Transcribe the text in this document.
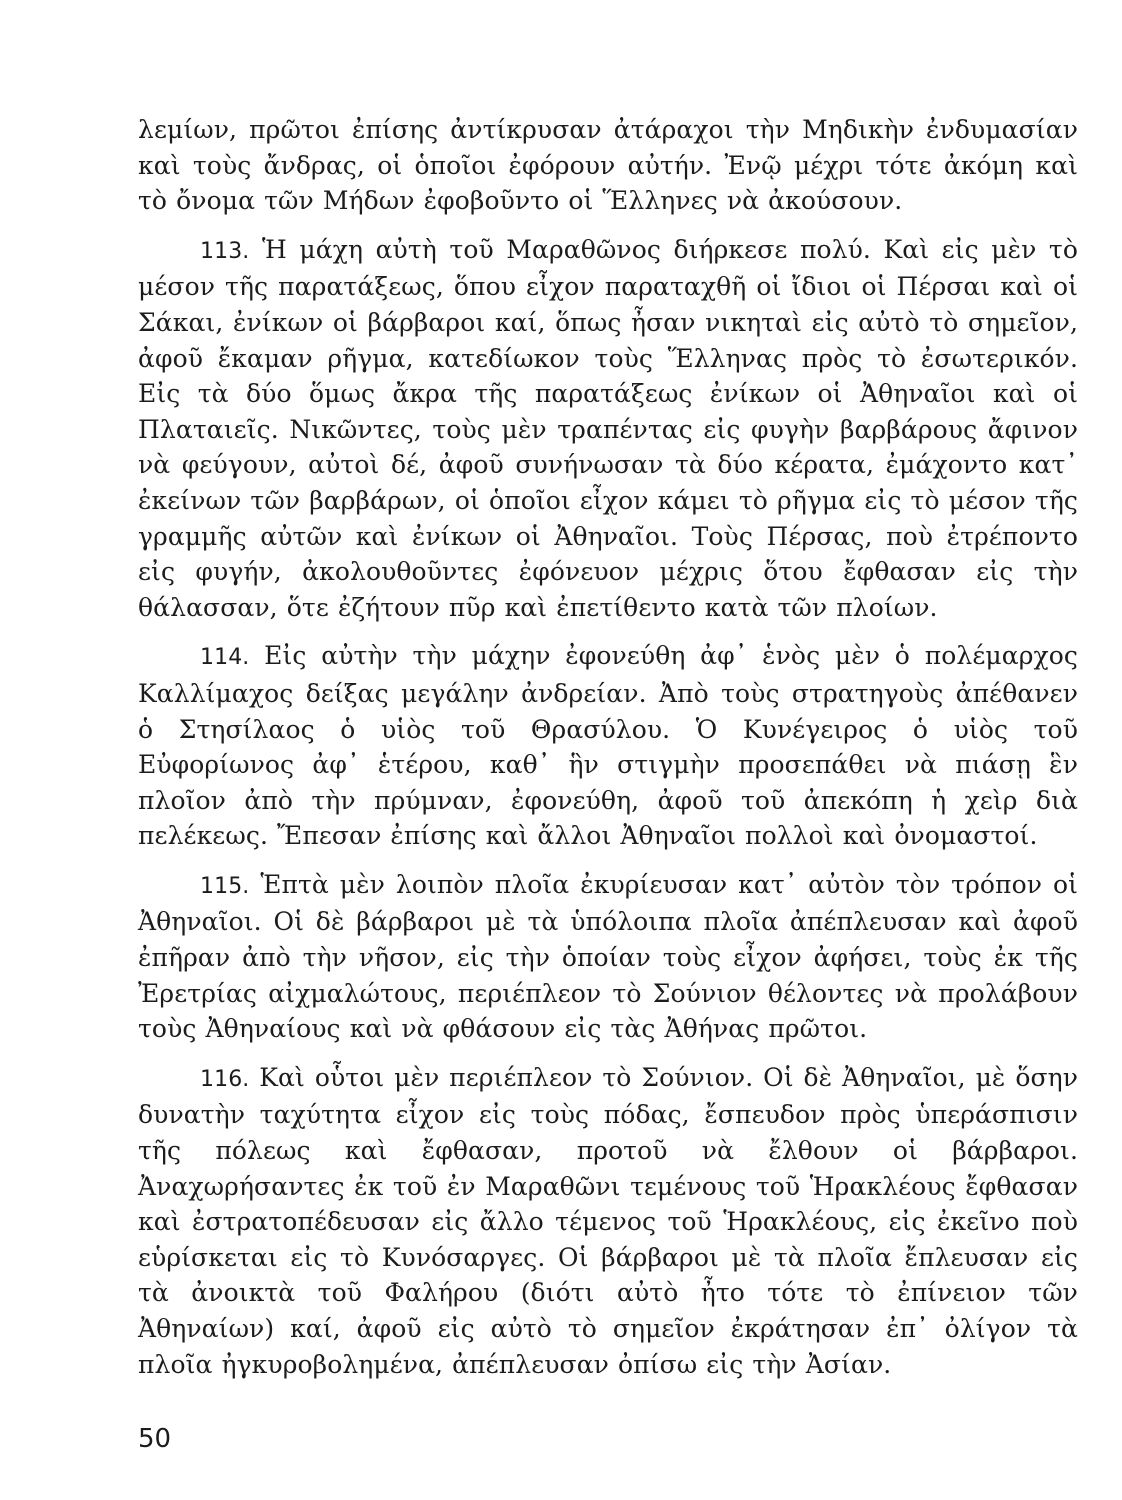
λεμίων, πρῶτοι ἐπίσης ἀντίκρυσαν ἀτάραχοι τὴν Μηδικὴν ἐνδυμασίαν καὶ τοὺς ἄνδρας, οἱ ὁποῖοι ἐφόρουν αὐτήν. Ἐνῷ μέχρι τότε ἀκόμη καὶ τὸ ὄνομα τῶν Μήδων ἐφοβοῦντο οἱ Ἕλληνες νὰ ἀκούσουν.

113. Ἡ μάχη αὐτὴ τοῦ Μαραθῶνος διήρκεσε πολύ. Καὶ εἰς μὲν τὸ μέσον τῆς παρατάξεως, ὅπου εἶχον παραταχθῆ οἱ ἴδιοι οἱ Πέρσαι καὶ οἱ Σάκαι, ἐνίκων οἱ βάρβαροι καί, ὅπως ἦσαν νικηταὶ εἰς αὐτὸ τὸ σημεῖον, ἀφοῦ ἔκαμαν ρῆγμα, κατεδίωκον τοὺς Ἕλληνας πρὸς τὸ ἐσωτερικόν. Εἰς τὰ δύο ὅμως ἄκρα τῆς παρατάξεως ἐνίκων οἱ Ἀθηναῖοι καὶ οἱ Πλαταιεῖς. Νικῶντες, τοὺς μὲν τραπέντας εἰς φυγὴν βαρβάρους ἄφινον νὰ φεύγουν, αὐτοὶ δέ, ἀφοῦ συνήνωσαν τὰ δύο κέρατα, ἐμάχοντο κατ᾽ ἐκείνων τῶν βαρβάρων, οἱ ὁποῖοι εἶχον κάμει τὸ ρῆγμα εἰς τὸ μέσον τῆς γραμμῆς αὐτῶν καὶ ἐνίκων οἱ Ἀθηναῖοι. Τοὺς Πέρσας, ποὺ ἐτρέποντο εἰς φυγήν, ἀκολουθοῦντες ἐφόνευον μέχρις ὅτου ἔφθασαν εἰς τὴν θάλασσαν, ὅτε ἐζήτουν πῦρ καὶ ἐπετίθεντο κατὰ τῶν πλοίων.

114. Εἰς αὐτὴν τὴν μάχην ἐφονεύθη ἀφ᾽ ἑνὸς μὲν ὁ πολέμαρχος Καλλίμαχος δείξας μεγάλην ἀνδρείαν. Ἀπὸ τοὺς στρατηγοὺς ἀπέθανεν ὁ Στησίλαος ὁ υἱὸς τοῦ Θρασύλου. Ὁ Κυνέγειρος ὁ υἱὸς τοῦ Εὐφορίωνος ἀφ᾽ ἑτέρου, καθ᾽ ἣν στιγμὴν προσεπάθει νὰ πιάσῃ ἓν πλοῖον ἀπὸ τὴν πρύμναν, ἐφονεύθη, ἀφοῦ τοῦ ἀπεκόπη ἡ χεὶρ διὰ πελέκεως. Ἔπεσαν ἐπίσης καὶ ἄλλοι Ἀθηναῖοι πολλοὶ καὶ ὀνομαστοί.

115. Ἑπτὰ μὲν λοιπὸν πλοῖα ἐκυρίευσαν κατ᾽ αὐτὸν τὸν τρόπον οἱ Ἀθηναῖοι. Οἱ δὲ βάρβαροι μὲ τὰ ὑπόλοιπα πλοῖα ἀπέπλευσαν καὶ ἀφοῦ ἐπῆραν ἀπὸ τὴν νῆσον, εἰς τὴν ὁποίαν τοὺς εἶχον ἀφήσει, τοὺς ἐκ τῆς Ἐρετρίας αἰχμαλώτους, περιέπλεον τὸ Σούνιον θέλοντες νὰ προλάβουν τοὺς Ἀθηναίους καὶ νὰ φθάσουν εἰς τὰς Ἀθήνας πρῶτοι.

116. Καὶ οὗτοι μὲν περιέπλεον τὸ Σούνιον. Οἱ δὲ Ἀθηναῖοι, μὲ ὅσην δυνατὴν ταχύτητα εἶχον εἰς τοὺς πόδας, ἔσπευδον πρὸς ὑπεράσπισιν τῆς πόλεως καὶ ἔφθασαν, προτοῦ νὰ ἔλθουν οἱ βάρβαροι. Ἀναχωρήσαντες ἐκ τοῦ ἐν Μαραθῶνι τεμένους τοῦ Ἡρακλέους ἔφθασαν καὶ ἐστρατοπέδευσαν εἰς ἄλλο τέμενος τοῦ Ἡρακλέους, εἰς ἐκεῖνο ποὺ εὑρίσκεται εἰς τὸ Κυνόσαργες. Οἱ βάρβαροι μὲ τὰ πλοῖα ἔπλευσαν εἰς τὰ ἀνοικτὰ τοῦ Φαλήρου (διότι αὐτὸ ἦτο τότε τὸ ἐπίνειον τῶν Ἀθηναίων) καί, ἀφοῦ εἰς αὐτὸ τὸ σημεῖον ἐκράτησαν ἐπ᾽ ὀλίγον τὰ πλοῖα ἠγκυροβολημένα, ἀπέπλευσαν ὀπίσω εἰς τὴν Ἀσίαν.

50
